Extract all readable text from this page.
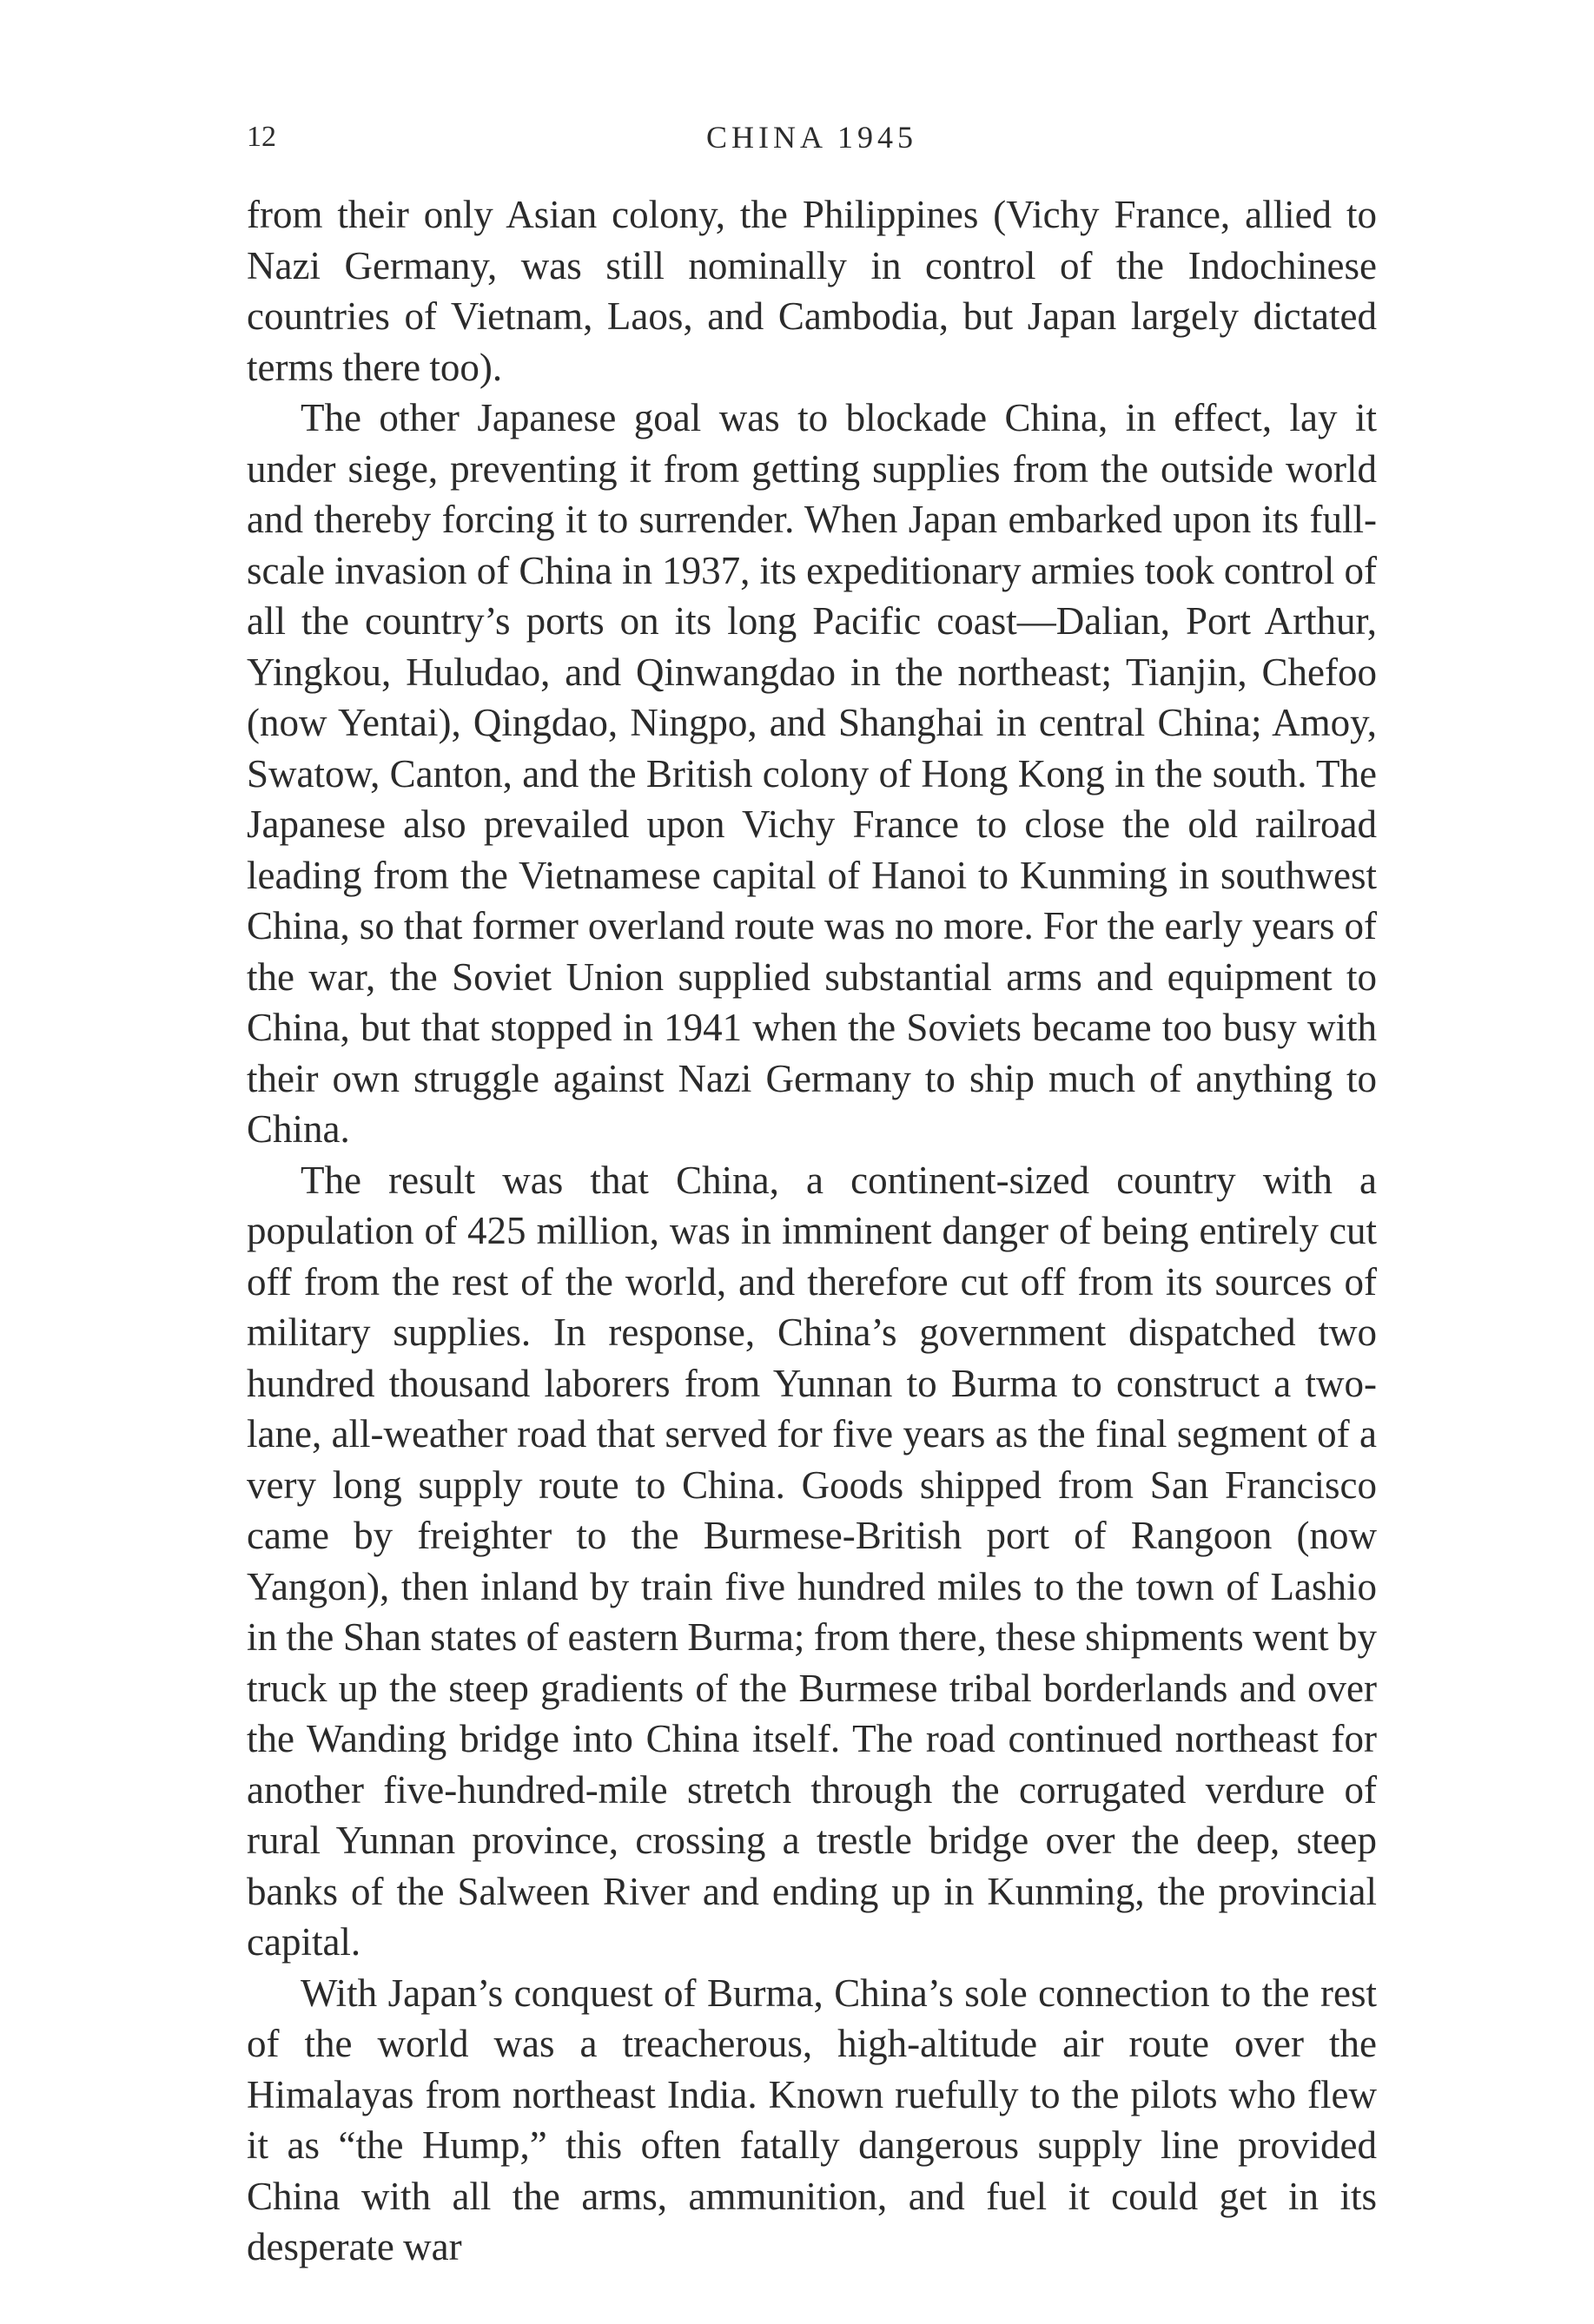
12	CHINA 1945

from their only Asian colony, the Philippines (Vichy France, allied to Nazi Germany, was still nominally in control of the Indochinese countries of Vietnam, Laos, and Cambodia, but Japan largely dictated terms there too).

The other Japanese goal was to blockade China, in effect, lay it under siege, preventing it from getting supplies from the outside world and thereby forcing it to surrender. When Japan embarked upon its full-scale invasion of China in 1937, its expeditionary armies took control of all the country’s ports on its long Pacific coast—Dalian, Port Arthur, Yingkou, Huludao, and Qinwangdao in the northeast; Tianjin, Chefoo (now Yentai), Qingdao, Ningpo, and Shanghai in central China; Amoy, Swatow, Canton, and the British colony of Hong Kong in the south. The Japanese also prevailed upon Vichy France to close the old railroad leading from the Vietnamese capital of Hanoi to Kunming in southwest China, so that former overland route was no more. For the early years of the war, the Soviet Union supplied substantial arms and equipment to China, but that stopped in 1941 when the Soviets became too busy with their own struggle against Nazi Germany to ship much of anything to China.

The result was that China, a continent-sized country with a population of 425 million, was in imminent danger of being entirely cut off from the rest of the world, and therefore cut off from its sources of military supplies. In response, China’s government dispatched two hundred thousand laborers from Yunnan to Burma to construct a two-lane, all-weather road that served for five years as the final segment of a very long supply route to China. Goods shipped from San Francisco came by freighter to the Burmese-British port of Rangoon (now Yangon), then inland by train five hundred miles to the town of Lashio in the Shan states of eastern Burma; from there, these shipments went by truck up the steep gradients of the Burmese tribal borderlands and over the Wanding bridge into China itself. The road continued northeast for another five-hundred-mile stretch through the corrugated verdure of rural Yunnan province, crossing a trestle bridge over the deep, steep banks of the Salween River and ending up in Kunming, the provincial capital.

With Japan’s conquest of Burma, China’s sole connection to the rest of the world was a treacherous, high-altitude air route over the Himalayas from northeast India. Known ruefully to the pilots who flew it as “the Hump,” this often fatally dangerous supply line provided China with all the arms, ammunition, and fuel it could get in its desperate war
